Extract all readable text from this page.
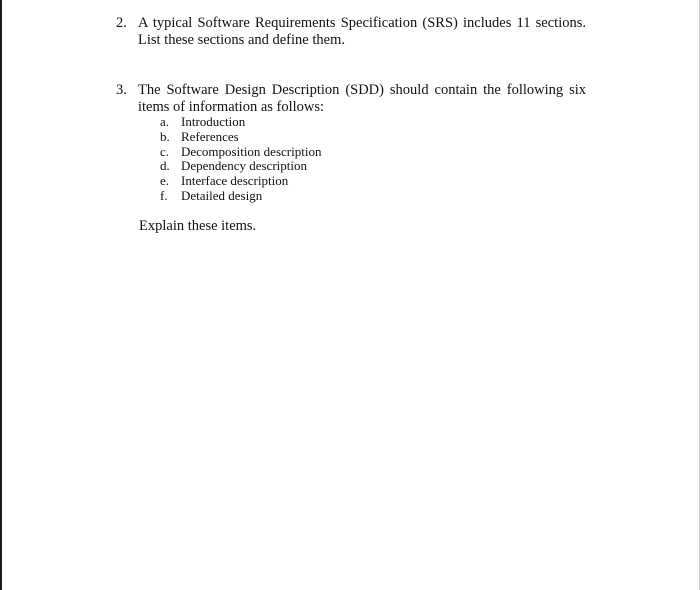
2. A typical Software Requirements Specification (SRS) includes 11 sections.
List these sections and define them.
3. The Software Design Description (SDD) should contain the following six
items of information as follows:
a. Introduction
b. References
c. Decomposition description
d. Dependency description
e. Interface description
f.	Detailed design
Explain these items.
